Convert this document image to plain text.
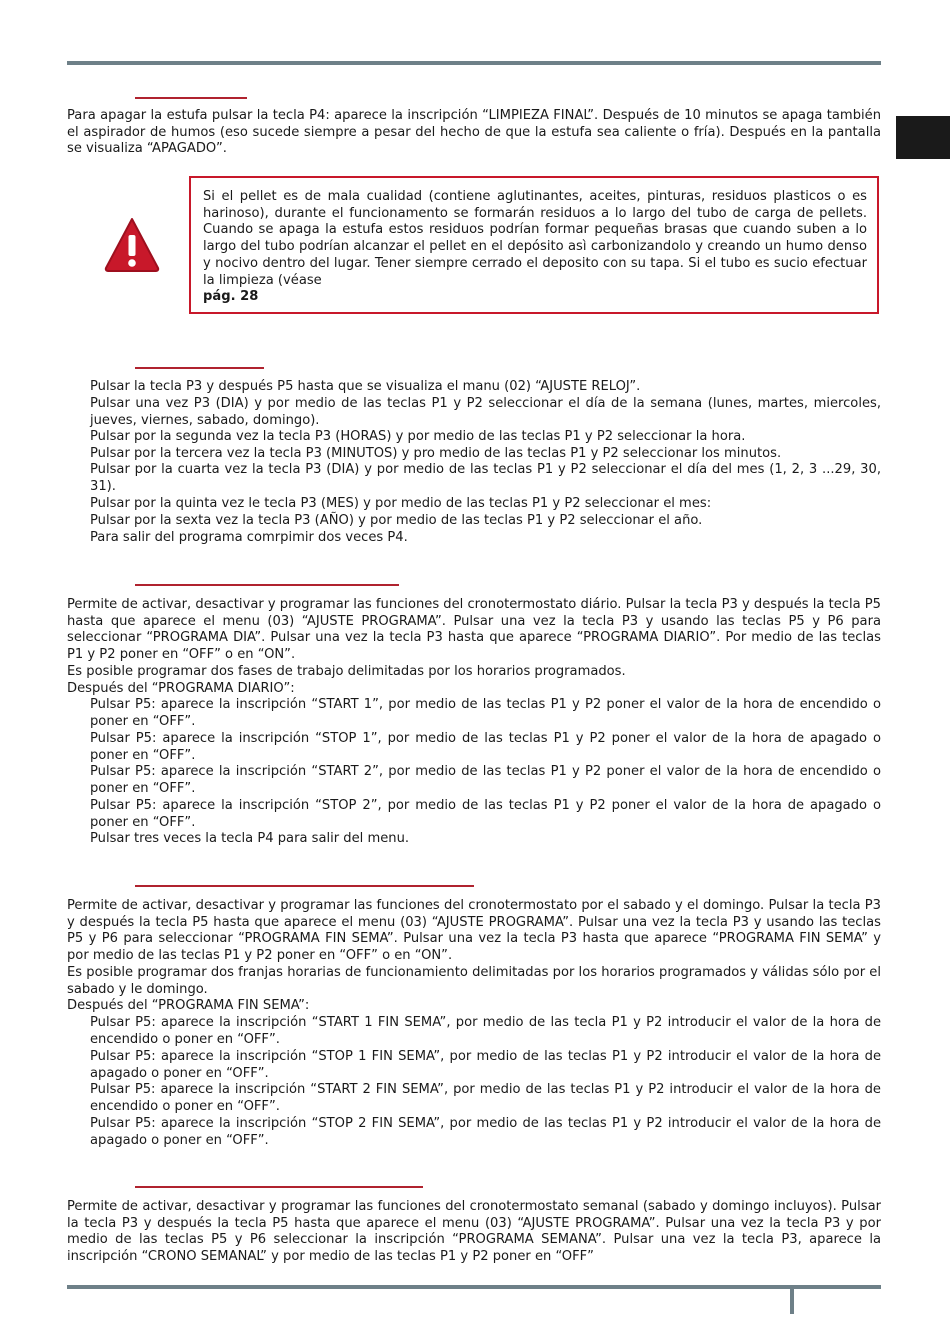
Para apagar la estufa pulsar la tecla P4: aparece la inscripción “LIMPIEZA FINAL”. Después de 10 minutos se apaga también el aspirador de humos (eso sucede siempre a pesar del hecho de que la estufa sea caliente o fría). Después en la pantalla se visualiza “APAGADO”.

Si el pellet es de mala cualidad (contiene aglutinantes, aceites, pinturas, residuos plasticos o es harinoso), durante el funcionamento se formarán residuos a lo largo del tubo de carga de pellets. Cuando se apaga la estufa estos residuos podrían formar pequeñas brasas que cuando suben a lo largo del tubo podrían alcanzar el pellet en el depósito asì carbonizandolo y creando un humo denso y nocivo dentro del lugar. Tener siempre cerrado el deposito con su tapa. Si el tubo es sucio efectuar la limpieza (véase
pág. 28

Pulsar la tecla P3 y después P5 hasta que se visualiza el manu (02) “AJUSTE RELOJ”.

Pulsar una vez P3 (DIA) y por medio de las teclas P1 y P2 seleccionar el día de la semana (lunes, martes, miercoles, jueves, viernes, sabado, domingo).

Pulsar por la segunda vez la tecla P3 (HORAS) y por medio de las teclas P1 y P2 seleccionar la hora.

Pulsar por la tercera vez la tecla P3 (MINUTOS) y pro medio de las teclas P1 y P2 seleccionar los minutos.

Pulsar por la cuarta vez la tecla P3 (DIA) y por medio de las teclas P1 y P2 seleccionar el día del mes (1, 2, 3 ...29, 30, 31).

Pulsar por la quinta vez le tecla P3 (MES) y por medio de las teclas P1 y P2 seleccionar el mes:

Pulsar por la sexta vez la tecla P3 (AÑO) y por medio de las teclas P1 y P2 seleccionar el año.

Para salir del programa comrpimir dos veces P4.

Permite de activar, desactivar y programar las funciones del cronotermostato diário. Pulsar la tecla P3 y después la tecla P5 hasta que aparece el menu (03) “AJUSTE PROGRAMA”. Pulsar una vez la tecla P3 y usando las teclas P5 y P6 para seleccionar “PROGRAMA DIA”. Pulsar una vez la tecla P3 hasta que aparece “PROGRAMA DIARIO”. Por medio de las teclas P1 y P2 poner en “OFF” o en “ON”.

Es posible programar dos fases de trabajo delimitadas por los horarios programados.

Después del “PROGRAMA DIARIO”:

Pulsar P5: aparece la inscripción “START 1”, por medio de las teclas P1 y P2 poner el valor de la hora de encendido o poner en “OFF”.

Pulsar P5: aparece la inscripción “STOP 1”, por medio de las teclas P1 y P2 poner el valor de la hora de apagado o poner en “OFF”.

Pulsar P5: aparece la inscripción “START 2”, por medio de las teclas P1 y P2 poner el valor de la hora de encendido o poner en “OFF”.

Pulsar P5: aparece la inscripción “STOP 2”, por medio de las teclas P1 y P2 poner el valor de la hora de apagado o poner en “OFF”.

Pulsar tres veces la tecla P4 para salir del menu.

Permite de activar, desactivar y programar las funciones del cronotermostato por el sabado y el domingo. Pulsar la tecla P3 y después la tecla P5 hasta que aparece el menu (03) “AJUSTE PROGRAMA”. Pulsar una vez la tecla P3 y usando las teclas P5 y P6 para seleccionar “PROGRAMA FIN SEMA”. Pulsar una vez la tecla P3 hasta que aparece “PROGRAMA FIN SEMA” y por medio de las teclas P1 y P2 poner en “OFF” o en “ON”.

Es posible programar dos franjas horarias de funcionamiento delimitadas por los horarios programados y válidas sólo por el sabado y le domingo.

Después del “PROGRAMA FIN SEMA”:

Pulsar P5: aparece la inscripción “START 1 FIN SEMA”, por medio de las tecla P1 y P2 introducir el valor de la hora de encendido o poner en “OFF”.

Pulsar P5: aparece la inscripción “STOP 1 FIN SEMA”, por medio de las teclas P1 y P2 introducir el valor de la hora de apagado o poner en “OFF”.

Pulsar P5: aparece la inscripción “START 2 FIN SEMA”, por medio de las teclas P1 y P2 introducir el valor de la hora de encendido o poner en “OFF”.

Pulsar P5: aparece la inscripción “STOP 2 FIN SEMA”, por medio de las teclas P1 y P2 introducir el valor de la hora de apagado o poner en “OFF”.

Permite de activar, desactivar y programar las funciones del cronotermostato semanal (sabado y domingo incluyos). Pulsar la tecla P3 y después la tecla P5 hasta que aparece el menu (03) “AJUSTE PROGRAMA”. Pulsar una vez la tecla P3 y por medio de las teclas P5 y P6 seleccionar la inscripción “PROGRAMA SEMANA”. Pulsar una vez la tecla P3, aparece la inscripción “CRONO SEMANAL” y por medio de las teclas P1 y P2 poner en “OFF”
